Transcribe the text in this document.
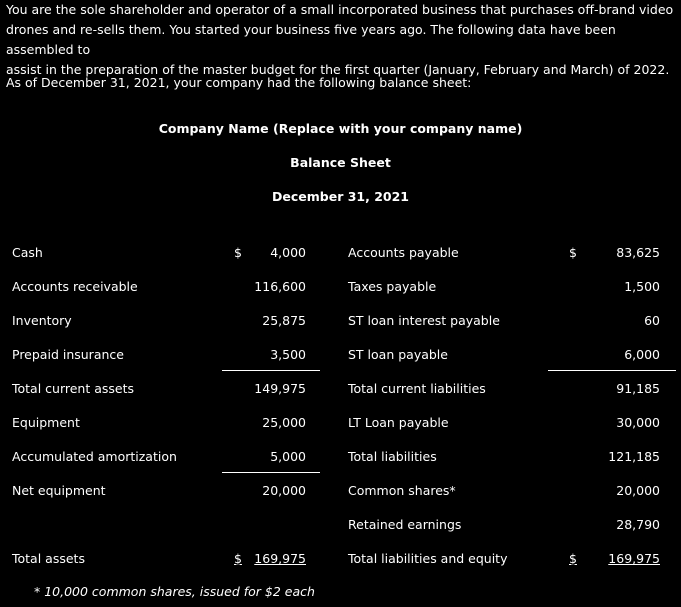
You are the sole shareholder and operator of a small incorporated business that purchases off-brand video
drones and re-sells them. You started your business five years ago. The following data have been assembled to
assist in the preparation of the master budget for the first quarter (January, February and March) of 2022.
As of December 31, 2021, your company had the following balance sheet:
Company Name (Replace with your company name)
Balance Sheet
December 31, 2021
Cash	$	4,000
Accounts receivable	116,600
Inventory	25,875
Prepaid insurance	3,500
Total current assets	149,975
Equipment	25,000
Accumulated amortization	5,000
Net equipment	20,000
Total assets	$ 169,975
Accounts payable	$	83,625
Taxes payable	1,500
ST loan interest payable	60
ST loan payable	6,000
Total current liabilities	91,185
LT Loan payable	30,000
Total liabilities	121,185
Common shares*	20,000
Retained earnings	28,790
Total liabilities and equity	$	169,975
* 10,000 common shares, issued for $2 each
